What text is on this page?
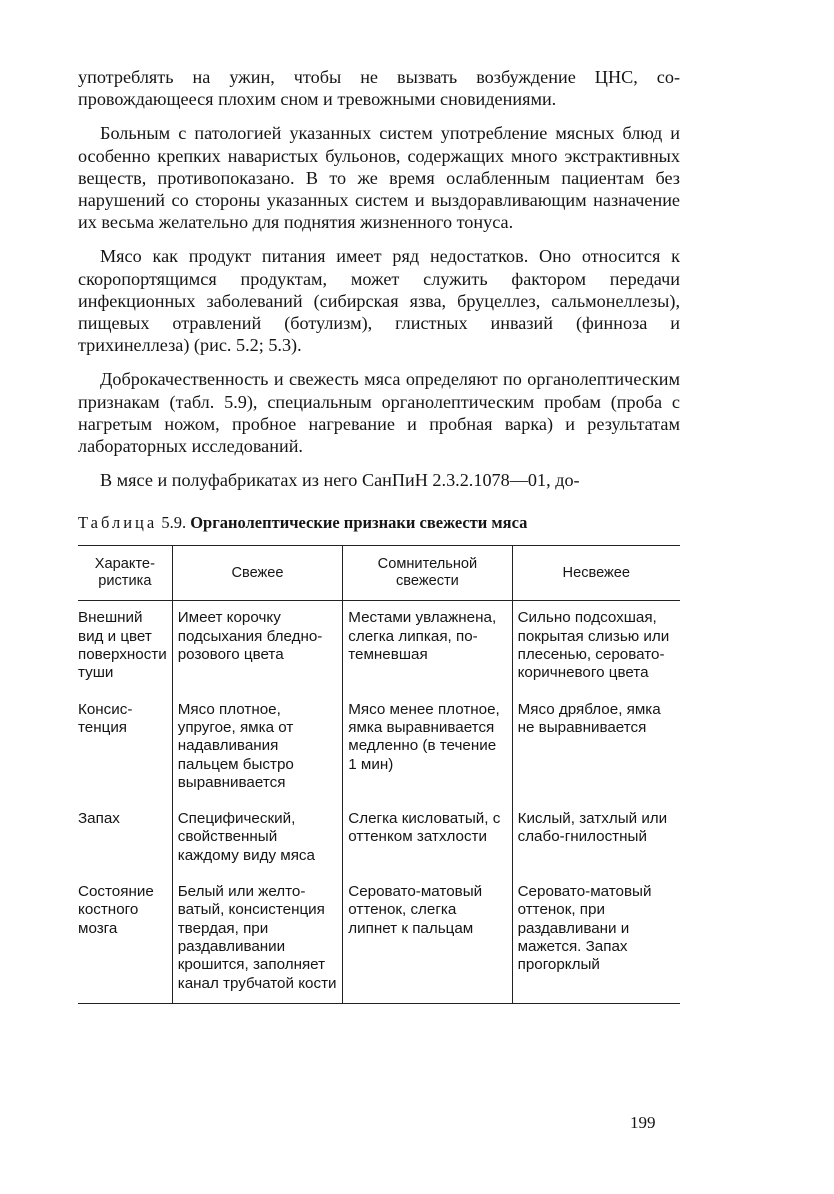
употреблять на ужин, чтобы не вызвать возбуждение ЦНС, сопровождающееся плохим сном и тревожными сновидениями.

Больным с патологией указанных систем употребление мясных блюд и особенно крепких наваристых бульонов, содержащих много экстрактивных веществ, противопоказано. В то же время ослабленным пациентам без нарушений со стороны указанных систем и выздоравливающим назначение их весьма желательно для поднятия жизненного тонуса.

Мясо как продукт питания имеет ряд недостатков. Оно относится к скоропортящимся продуктам, может служить фактором передачи инфекционных заболеваний (сибирская язва, бруцеллез, сальмонеллезы), пищевых отравлений (ботулизм), глистных инвазий (финноза и трихинеллеза) (рис. 5.2; 5.3).

Доброкачественность и свежесть мяса определяют по органолептическим признакам (табл. 5.9), специальным органолептическим пробам (проба с нагретым ножом, пробное нагревание и пробная варка) и результатам лабораторных исследований.

В мясе и полуфабрикатах из него СанПиН 2.3.2.1078—01, до-

Таблица 5.9. Органолептические признаки свежести мяса
Характеристика	Свежее	Сомнительной свежести	Несвежее
Внешний вид и цвет поверхности туши	Имеет корочку подсыхания бледно-розового цвета	Местами увлажнена, слегка липкая, потемневшая	Сильно подсохшая, покрытая слизью или плесенью, серовато-коричневого цвета
Консистенция	Мясо плотное, упругое, ямка от надавливания пальцем быстро выравнивается	Мясо менее плотное, ямка выравнивается медленно (в течение 1 мин)	Мясо дряблое, ямка не выравнивается
Запах	Специфический, свойственный каждому виду мяса	Слегка кисловатый, с оттенком затхлости	Кислый, затхлый или слабо-гнилостный
Состояние костного мозга	Белый или желтоватый, консистенция твердая, при раздавливании крошится, заполняет канал трубчатой кости	Серовато-матовый оттенок, слегка липнет к пальцам	Серовато-матовый оттенок, при раздавливани и мажется. Запах прогорклый
199
